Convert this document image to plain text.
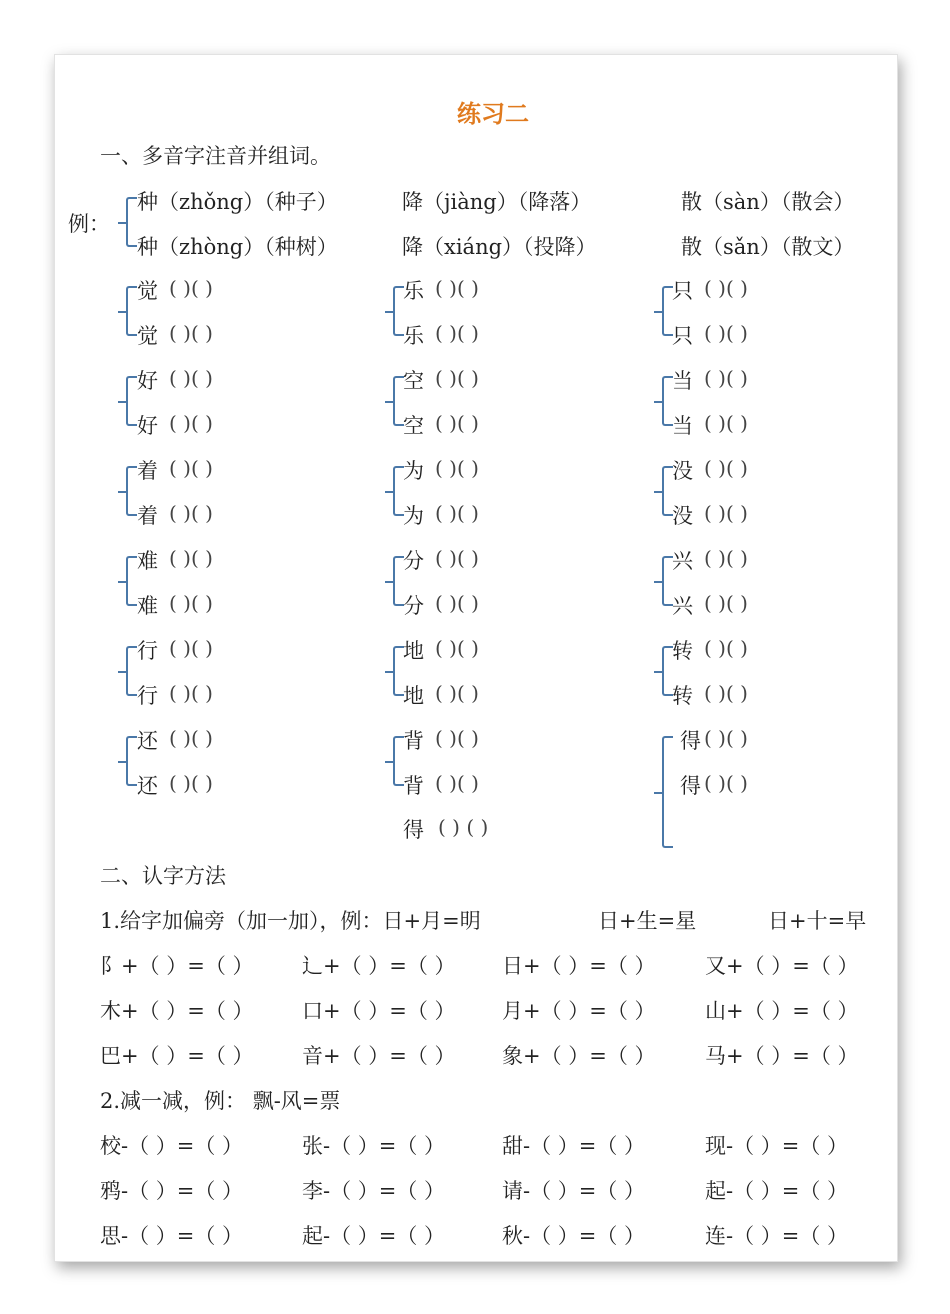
练习二
一、多音字注音并组词。
例：
种（zhǒng）（种子）	降（jiàng）（降落）	散（sàn）（散会）
种（zhòng）（种树）	降（xiáng）（投降）	散（sǎn）（散文）
觉 ( )( )
觉 ( )( )
乐 ( )( )
乐 ( )( )
只 ( )( )
只 ( )( )
好 ( )( )
好 ( )( )
空 ( )( )
空 ( )( )
当 ( )( )
当 ( )( )
着 ( )( )
着 ( )( )
为 ( )( )
为 ( )( )
没 ( )( )
没 ( )( )
难 ( )( )
难 ( )( )
分 ( )( )
分 ( )( )
兴 ( )( )
兴 ( )( )
行 ( )( )
行 ( )( )
地 ( )( )
地 ( )( )
转 ( )( )
转 ( )( )
还 ( )( )
还 ( )( )
背 ( )( )
背 ( )( )
得 ( )( )
得 ( )( )
得 ( ) ( )
二、认字方法
1.给字加偏旁（加一加），例：日+月=明	日+生=星	日+十=早
阝+（ ）=（ ） 辶+（ ）=（ ） 日+（ ）=（ ） 又+（ ）=（ ）
木+（ ）=（ ） 口+（ ）=（ ） 月+（ ）=（ ） 山+（ ）=（ ）
巴+（ ）=（ ） 音+（ ）=（ ） 象+（ ）=（ ） 马+（ ）=（ ）
2.减一减，例： 飘-风=票
校-（ ）=（ ）	张-（ ）=（ ）	甜-（ ）=（ ）	现-（ ）=（ ）
鸦-（ ）=（ ）	李-（ ）=（ ）	请-（ ）=（ ）	起-（ ）=（ ）
思-（ ）=（ ）	起-（ ）=（ ）	秋-（ ）=（ ）	连-（ ）=（ ）
